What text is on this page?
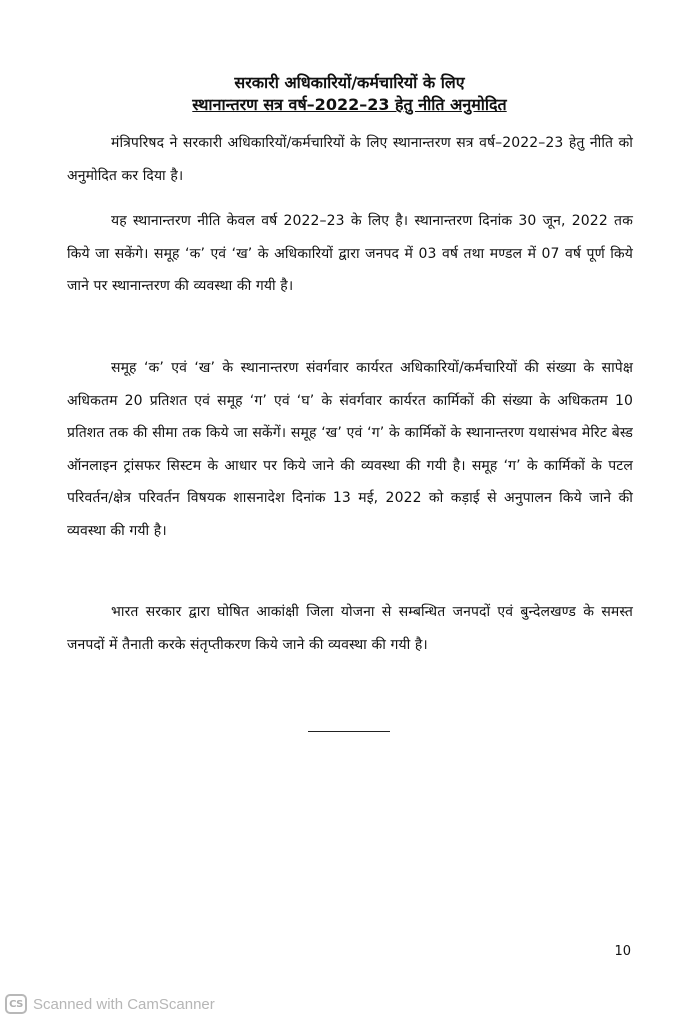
सरकारी अधिकारियों/कर्मचारियों के लिए
स्थानान्तरण सत्र वर्ष–2022–23 हेतु नीति अनुमोदित

मंत्रिपरिषद ने सरकारी अधिकारियों/कर्मचारियों के लिए स्थानान्तरण सत्र वर्ष–2022–23 हेतु नीति को अनुमोदित कर दिया है।

यह स्थानान्तरण नीति केवल वर्ष 2022–23 के लिए है। स्थानान्तरण दिनांक 30 जून, 2022 तक किये जा सकेंगे। समूह ‘क’ एवं ‘ख’ के अधिकारियों द्वारा जनपद में 03 वर्ष तथा मण्डल में 07 वर्ष पूर्ण किये जाने पर स्थानान्तरण की व्यवस्था की गयी है।

समूह ‘क’ एवं ‘ख’ के स्थानान्तरण संवर्गवार कार्यरत अधिकारियों/कर्मचारियों की संख्या के सापेक्ष अधिकतम 20 प्रतिशत एवं समूह ‘ग’ एवं ‘घ’ के संवर्गवार कार्यरत कार्मिकों की संख्या के अधिकतम 10 प्रतिशत तक की सीमा तक किये जा सकेंगें। समूह ‘ख’ एवं ‘ग’ के कार्मिकों के स्थानान्तरण यथासंभव मेरिट बेस्ड ऑनलाइन ट्रांसफर सिस्टम के आधार पर किये जाने की व्यवस्था की गयी है। समूह ‘ग’ के कार्मिकों के पटल परिवर्तन/क्षेत्र परिवर्तन विषयक शासनादेश दिनांक 13 मई, 2022 को कड़ाई से अनुपालन किये जाने की व्यवस्था की गयी है।

भारत सरकार द्वारा घोषित आकांक्षी जिला योजना से सम्बन्धित जनपदों एवं बुन्देलखण्ड के समस्त जनपदों में तैनाती करके संतृप्तीकरण किये जाने की व्यवस्था की गयी है।

10
CS Scanned with CamScanner
